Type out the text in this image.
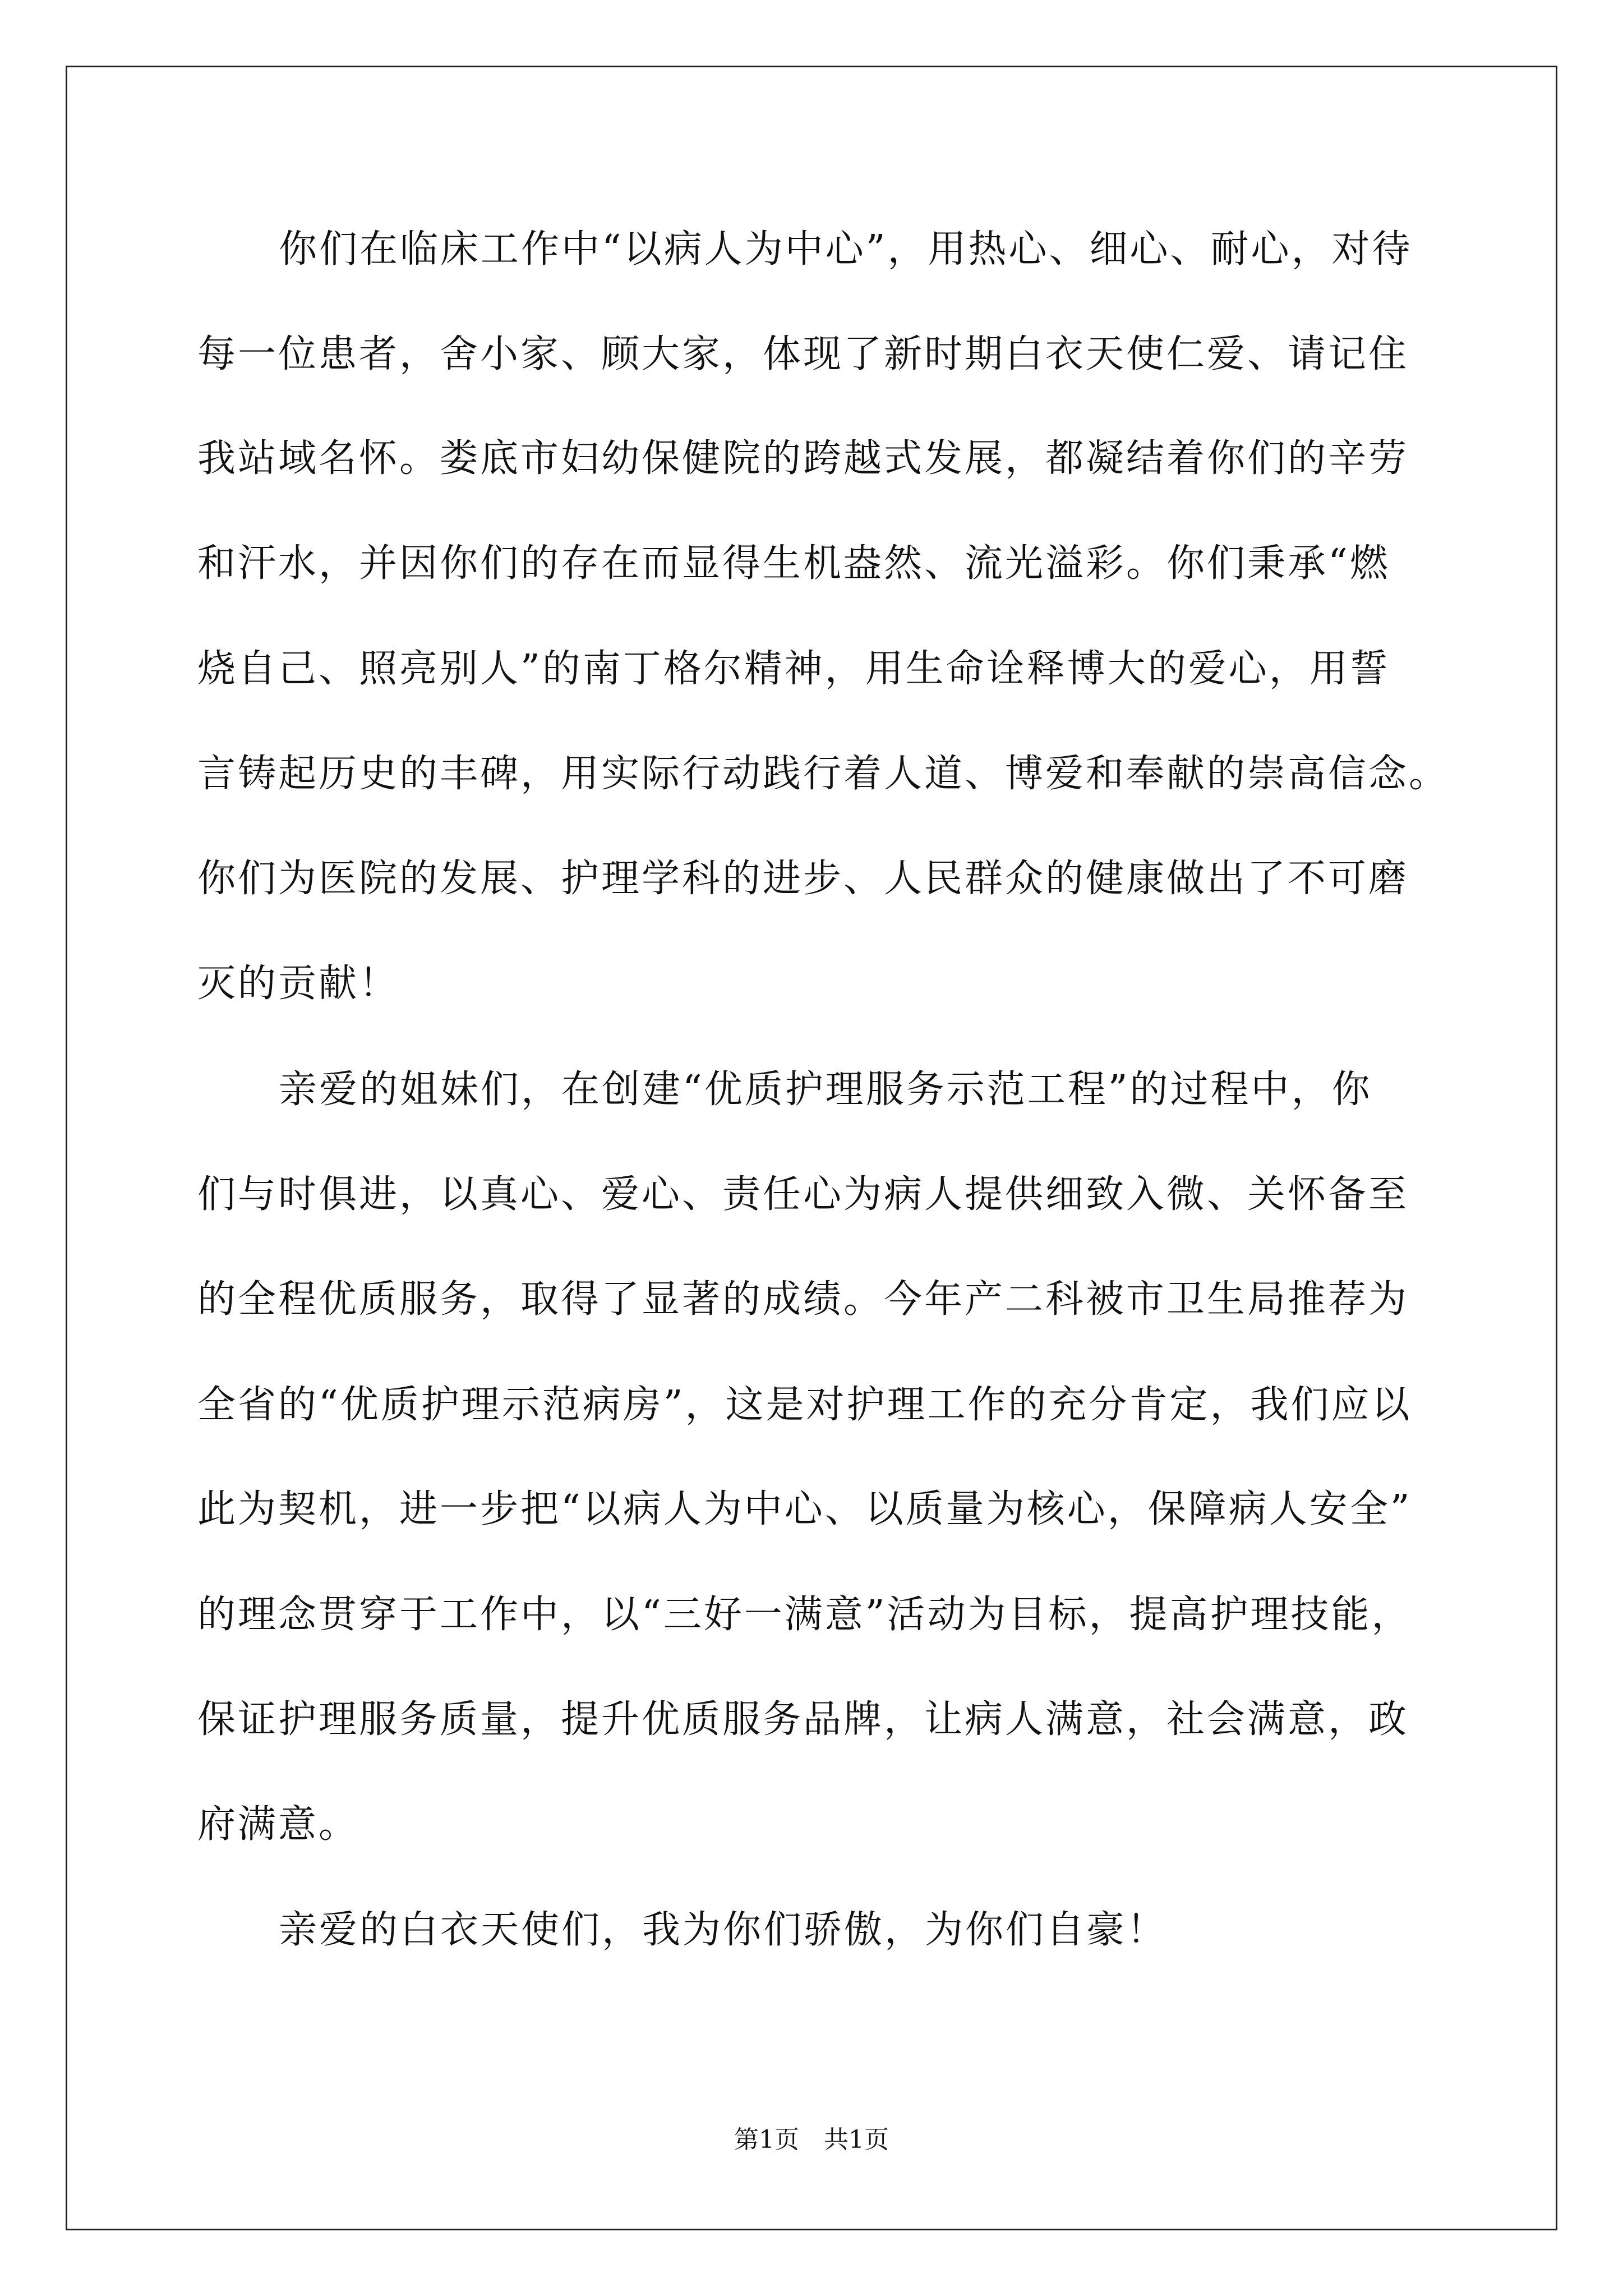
你们在临床工作中“以病人为中心”，用热心、细心、耐心，对待
每一位患者，舍小家、顾大家，体现了新时期白衣天使仁爱、请记住
我站域名怀。娄底市妇幼保健院的跨越式发展，都凝结着你们的辛劳
和汗水，并因你们的存在而显得生机盎然、流光溢彩。你们秉承“燃
烧自己、照亮别人”的南丁格尔精神，用生命诠释博大的爱心，用誓
言铸起历史的丰碑，用实际行动践行着人道、博爱和奉献的崇高信念。
你们为医院的发展、护理学科的进步、人民群众的健康做出了不可磨
灭的贡献！
亲爱的姐妹们，在创建“优质护理服务示范工程”的过程中，你
们与时俱进，以真心、爱心、责任心为病人提供细致入微、关怀备至
的全程优质服务，取得了显著的成绩。今年产二科被市卫生局推荐为
全省的“优质护理示范病房”，这是对护理工作的充分肯定，我们应以
此为契机，进一步把“以病人为中心、以质量为核心，保障病人安全”
的理念贯穿于工作中，以“三好一满意”活动为目标，提高护理技能，
保证护理服务质量，提升优质服务品牌，让病人满意，社会满意，政
府满意。
亲爱的白衣天使们，我为你们骄傲，为你们自豪！
第1页　共1页
